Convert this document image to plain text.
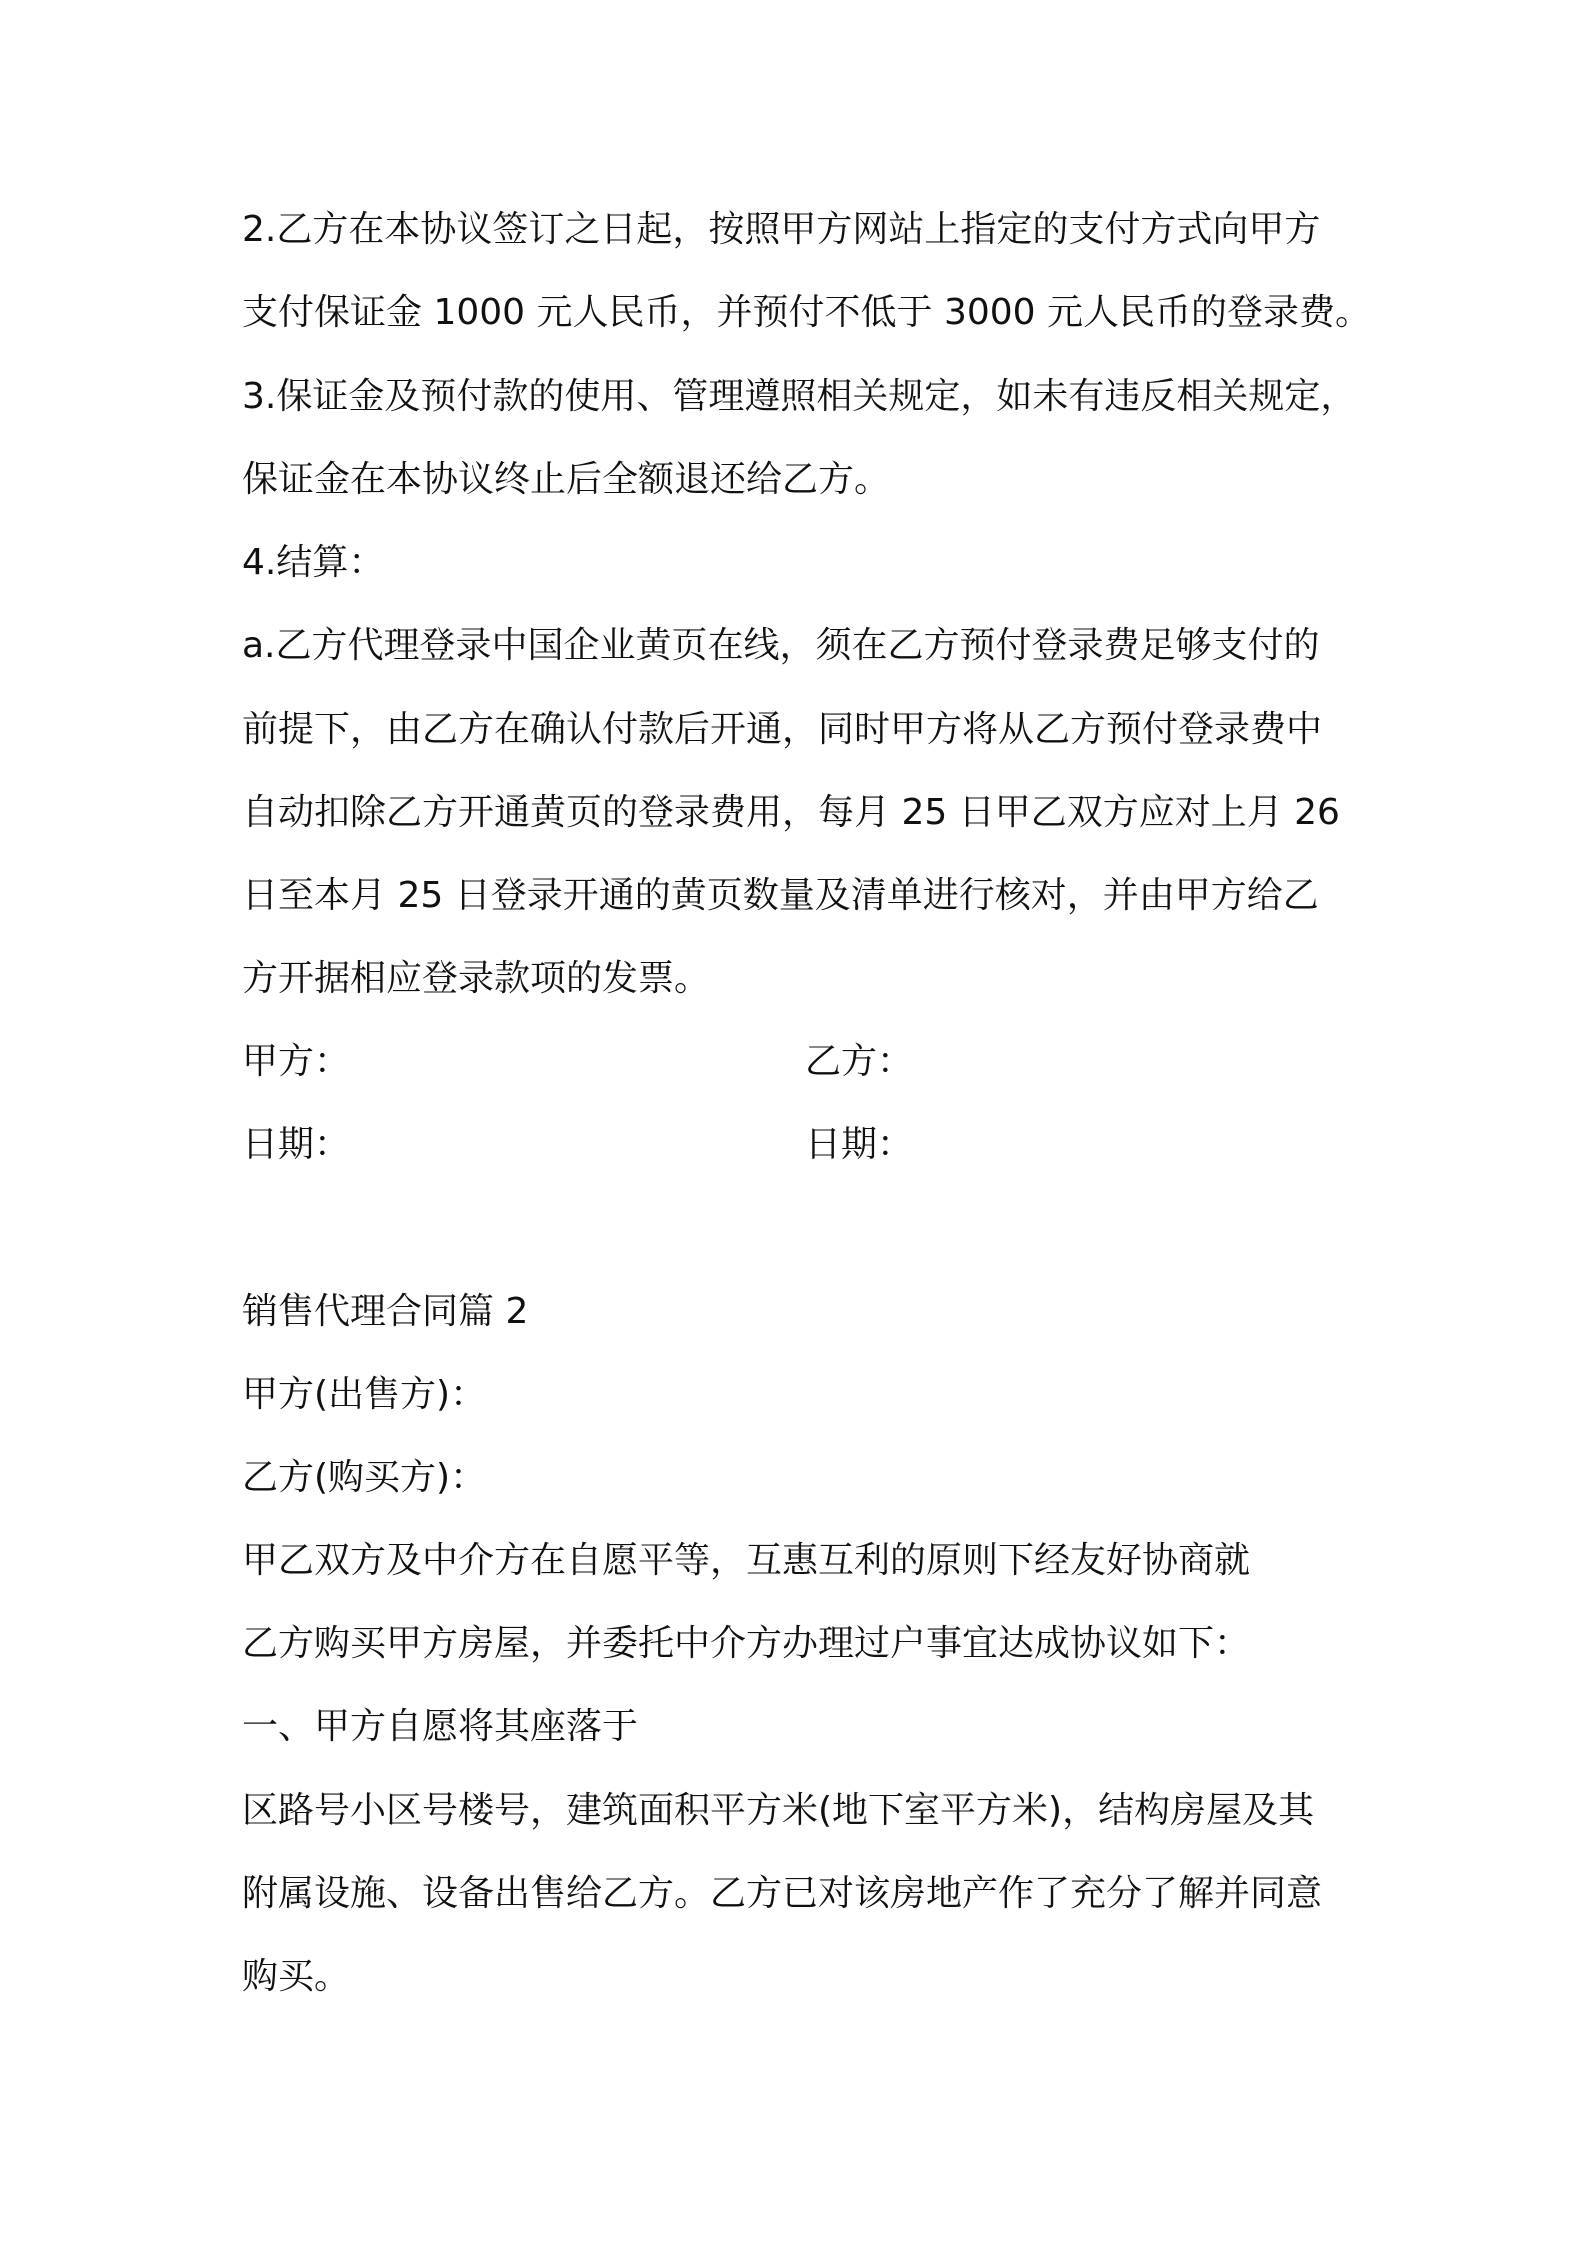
2.乙方在本协议签订之日起，按照甲方网站上指定的支付方式向甲方
支付保证金 1000 元人民币，并预付不低于 3000 元人民币的登录费。
3.保证金及预付款的使用、管理遵照相关规定，如未有违反相关规定，
保证金在本协议终止后全额退还给乙方。
4.结算：
a.乙方代理登录中国企业黄页在线，须在乙方预付登录费足够支付的
前提下，由乙方在确认付款后开通，同时甲方将从乙方预付登录费中
自动扣除乙方开通黄页的登录费用，每月 25 日甲乙双方应对上月 26
日至本月 25 日登录开通的黄页数量及清单进行核对，并由甲方给乙
方开据相应登录款项的发票。
甲方：	乙方：
日期：	日期：
销售代理合同篇 2
甲方(出售方)：
乙方(购买方)：
甲乙双方及中介方在自愿平等，互惠互利的原则下经友好协商就
乙方购买甲方房屋，并委托中介方办理过户事宜达成协议如下：
一、甲方自愿将其座落于
区路号小区号楼号，建筑面积平方米(地下室平方米)，结构房屋及其
附属设施、设备出售给乙方。乙方已对该房地产作了充分了解并同意
购买。
